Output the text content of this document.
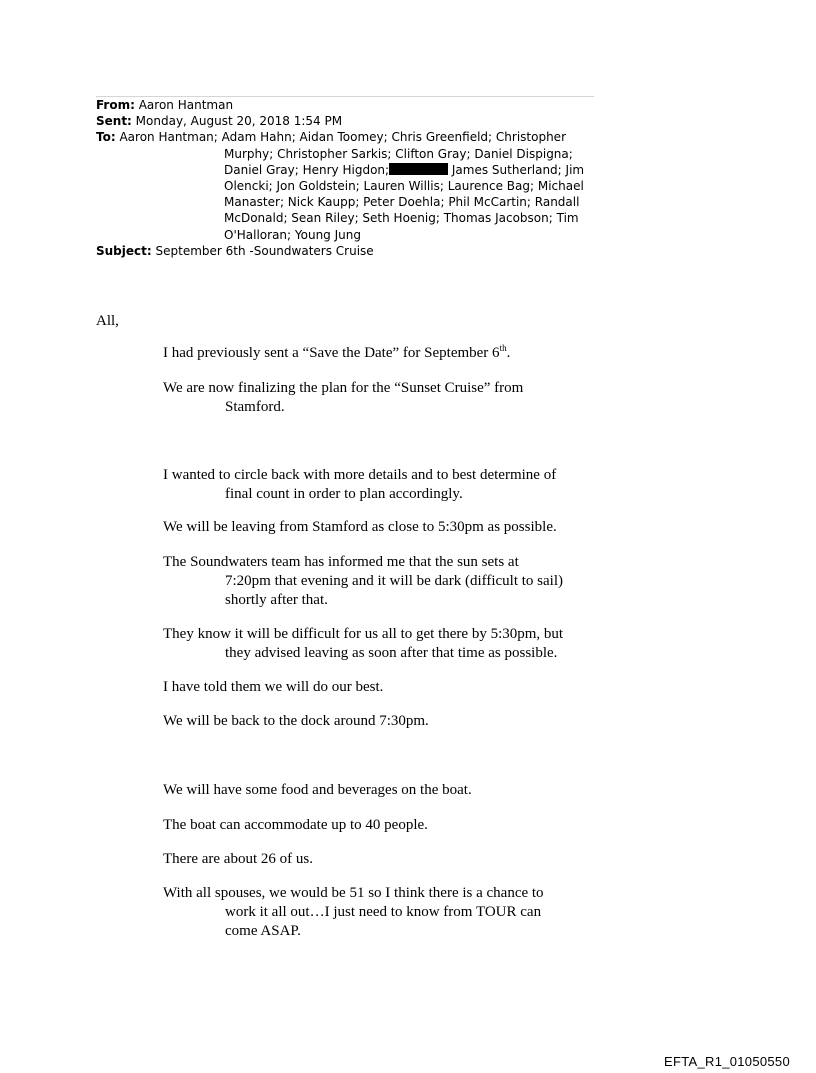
From: Aaron Hantman
Sent: Monday, August 20, 2018 1:54 PM
To: Aaron Hantman; Adam Hahn; Aidan Toomey; Chris Greenfield; Christopher
Murphy; Christopher Sarkis; Clifton Gray; Daniel Dispigna;
Daniel Gray; Henry Higdon;	James Sutherland; Jim
Olencki; Jon Goldstein; Lauren Willis; Laurence Bag; Michael
Manaster; Nick Kaupp; Peter Doehla; Phil McCartin; Randall
McDonald; Sean Riley; Seth Hoenig; Thomas Jacobson; Tim
O'Halloran; Young Jung
Subject: September 6th -Soundwaters Cruise
All,
I had previously sent a “Save the Date” for September 6th.
We are now finalizing the plan for the “Sunset Cruise” from
Stamford.
I wanted to circle back with more details and to best determine of
final count in order to plan accordingly.
We will be leaving from Stamford as close to 5:30pm as possible.
The Soundwaters team has informed me that the sun sets at
7:20pm that evening and it will be dark (difficult to sail)
shortly after that.
They know it will be difficult for us all to get there by 5:30pm, but
they advised leaving as soon after that time as possible.
I have told them we will do our best.
We will be back to the dock around 7:30pm.
We will have some food and beverages on the boat.
The boat can accommodate up to 40 people.
There are about 26 of us.
With all spouses, we would be 51 so I think there is a chance to
work it all out…I just need to know from TOUR can
come ASAP.
EFTA_R1_01050550
